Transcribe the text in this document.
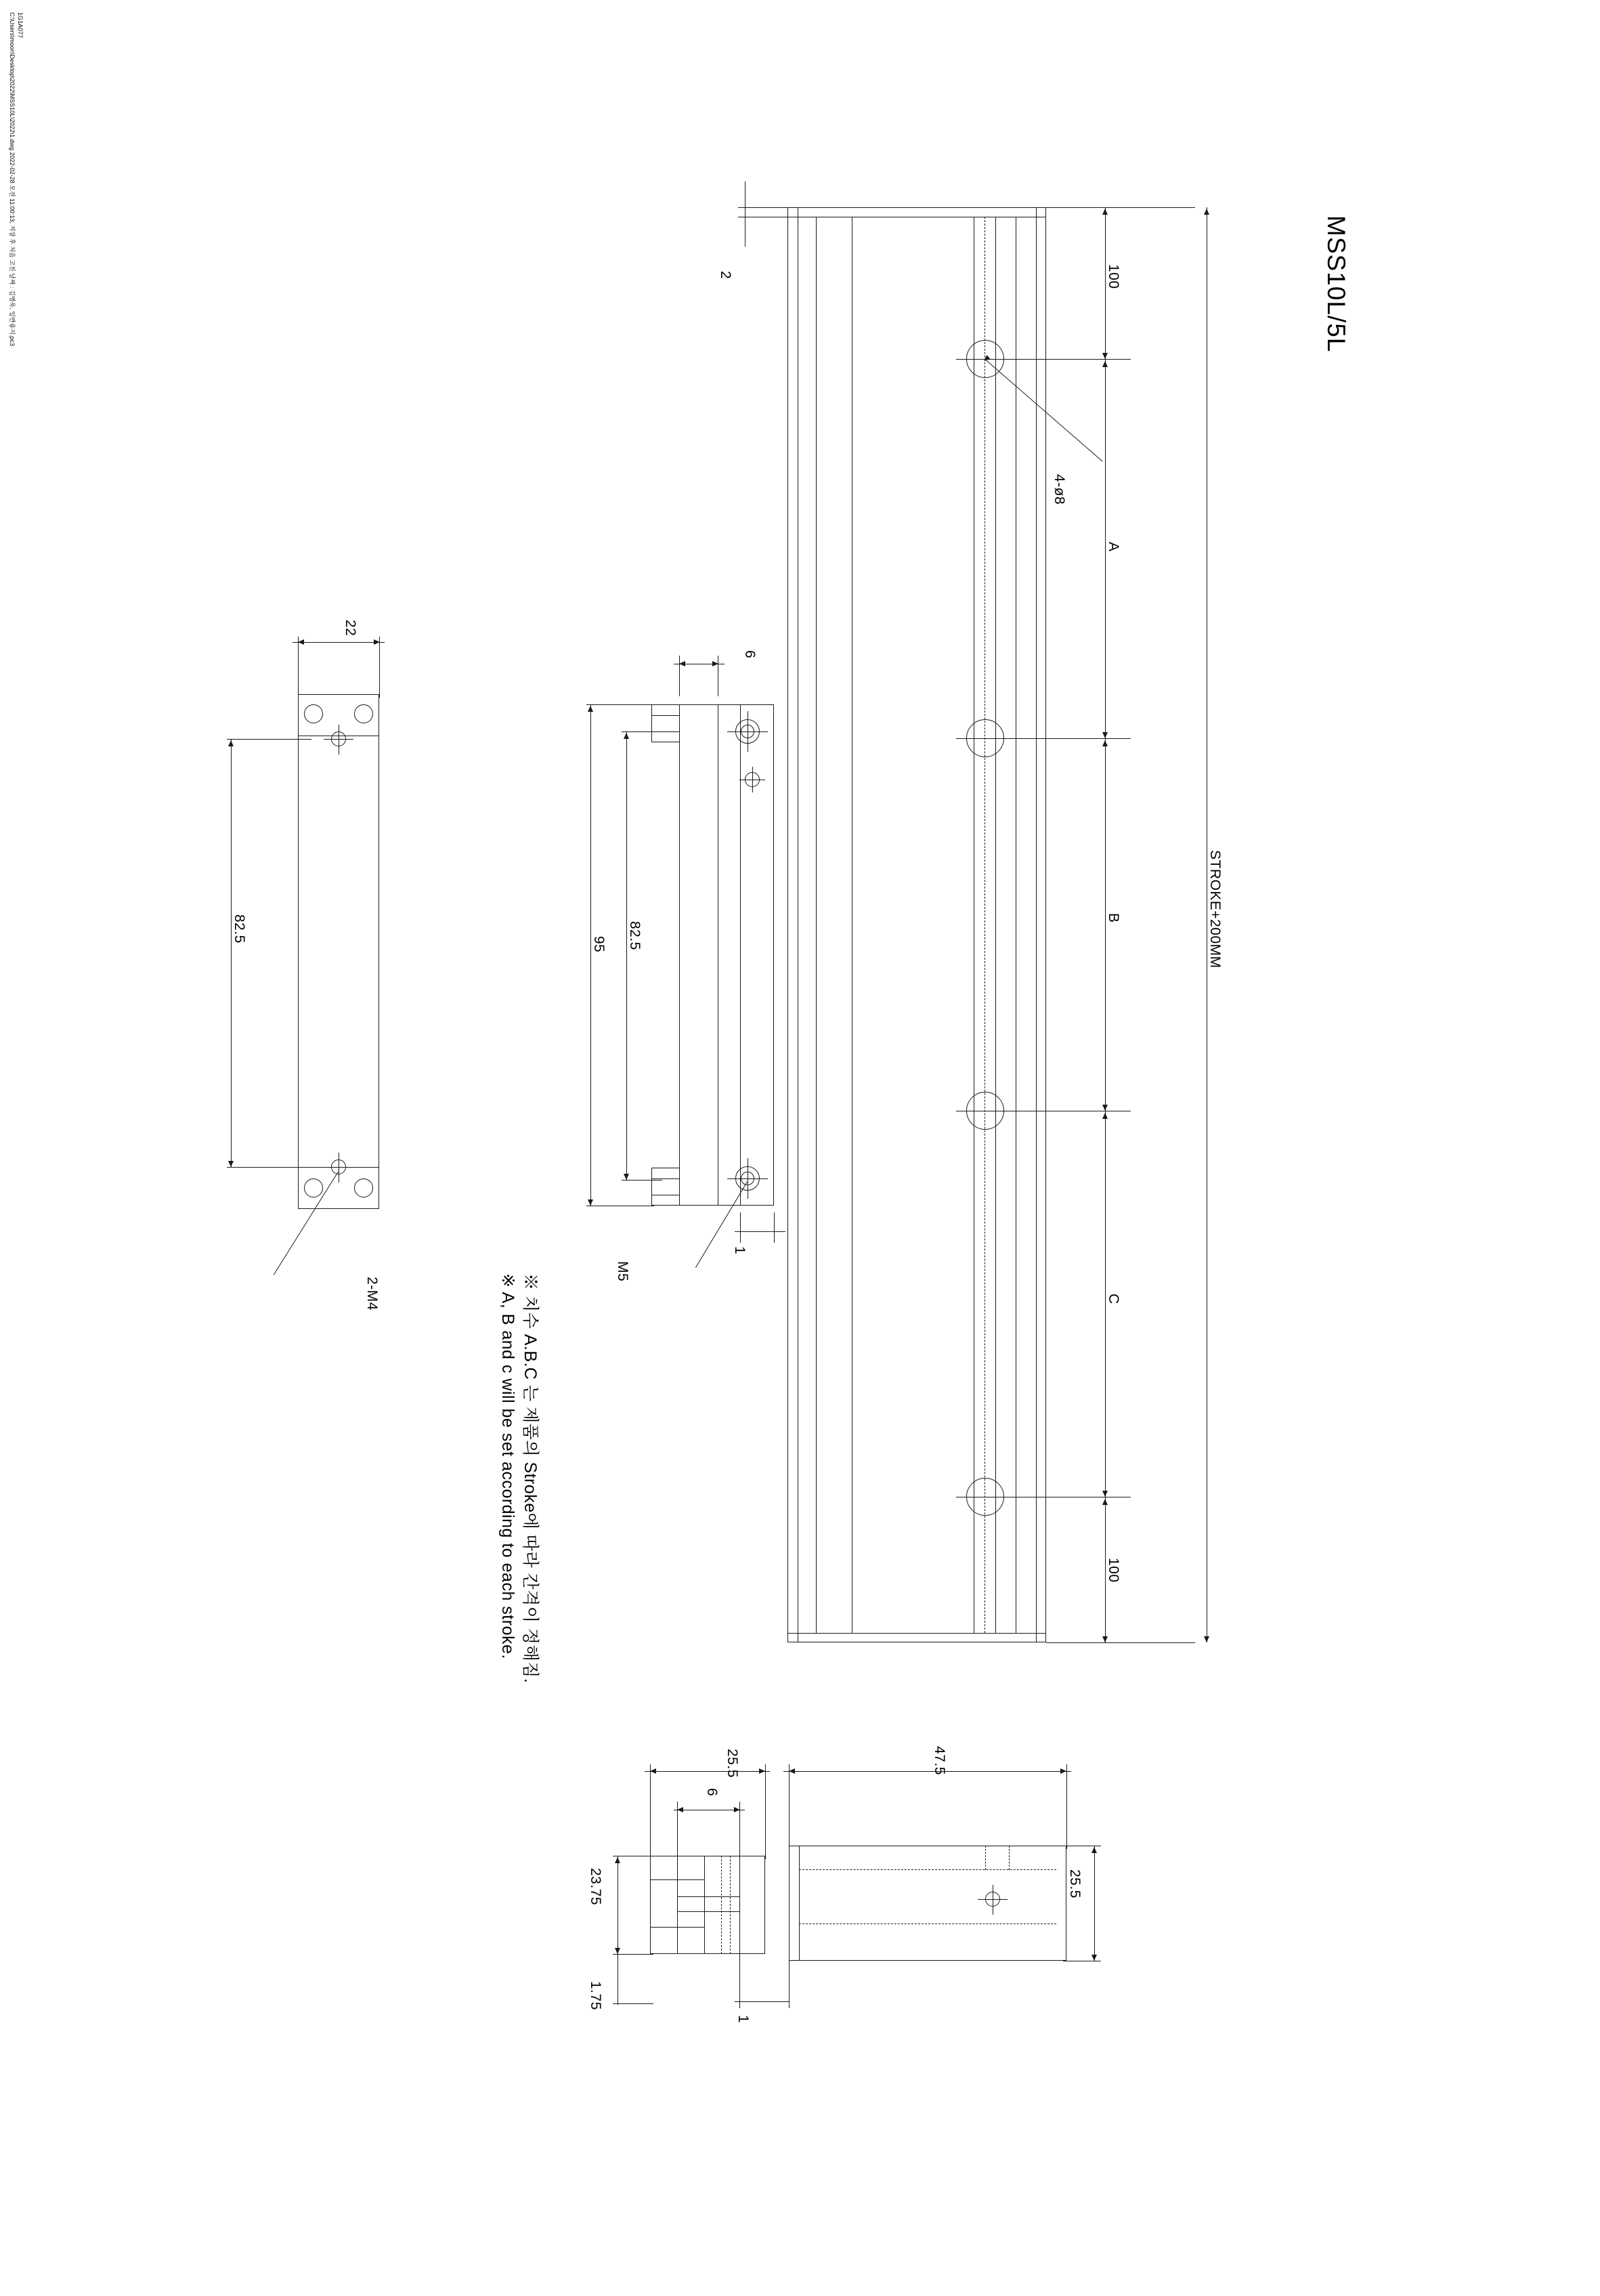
C:\Users\moon\Desktop\2022\MSS10L\2022\1.dwg 2022-02-28 오전 11:00:13, 저장 후 처음 고친 날짜 : 김병욱, 일반용지.pc3 1G1A077
MSS10L/5L
※ 치수 A.B.C 는 제품의 Stroke에 따라 간격이 정해짐.
※ A, B and c will be set according to each stroke.
4-ø8
100
A
B
C
100
STROKE+200MM
2
M5
6
1
82.5
95
2-M4
22
82.5
25.5
6
47.5
23.75	25.5
1.75
1
